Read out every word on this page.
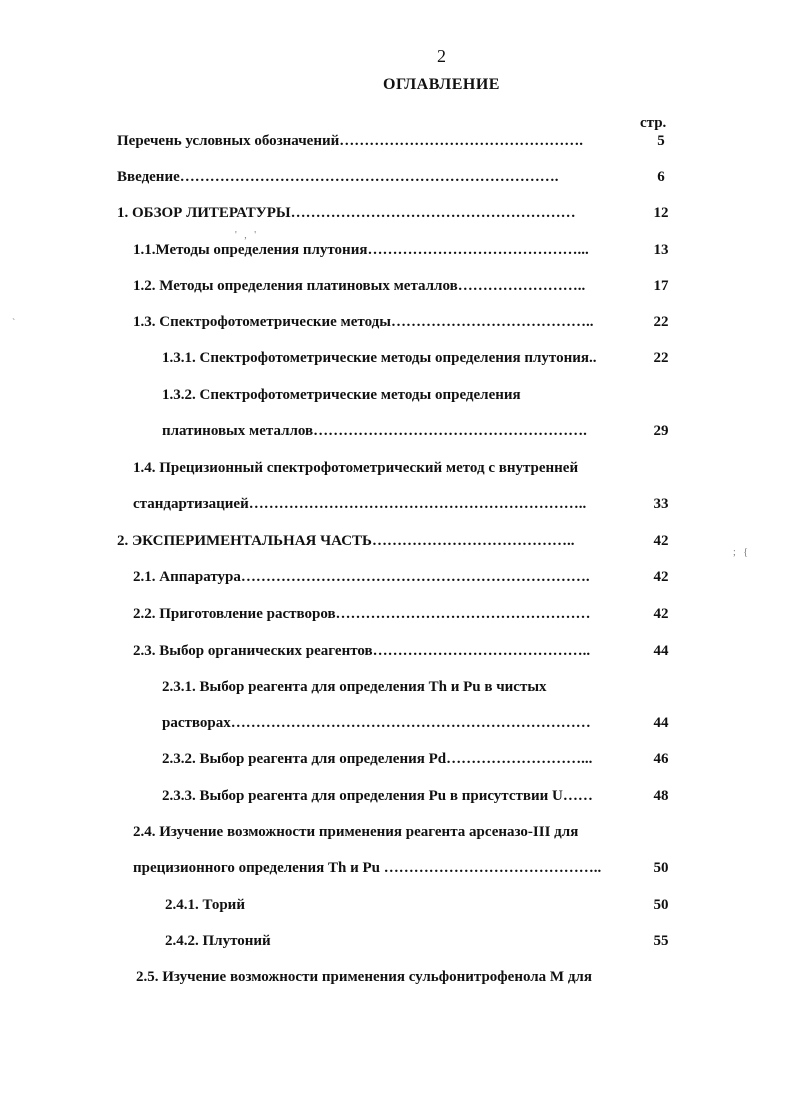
2
ОГЛАВЛЕНИЕ
стр.
Перечень условных обозначений………………………………………….	5
Введение………………………………………………………………….	6
1. ОБЗОР ЛИТЕРАТУРЫ…………………………………………………	12
1.1.Методы определения плутония……………………………………...	13
1.2. Методы определения платиновых металлов……………………..	17
1.3. Спектрофотометрические методы…………………………………..	22
1.3.1. Спектрофотометрические методы определения плутония..	22
1.3.2. Спектрофотометрические методы определения
платиновых металлов……………………………………………….	29
1.4. Прецизионный спектрофотометрический метод с внутренней
стандартизацией…………………………………………………………..	33
2. ЭКСПЕРИМЕНТАЛЬНАЯ ЧАСТЬ…………………………………..	42
2.1. Аппаратура…………………………………………………………….	42
2.2. Приготовление растворов……………………………………………	42
2.3. Выбор органических реагентов……………………………………..	44
2.3.1. Выбор реагента для определения Th и Pu в чистых
растворах………………………………………………………………	44
2.3.2. Выбор реагента для определения Pd………………………...	46
2.3.3. Выбор реагента для определения Pu в присутствии U……	48
2.4. Изучение возможности применения реагента арсеназо-III для
прецизионного определения Th и Pu ……………………………………..	50
2.4.1. Торий	50
2.4.2. Плутоний	55
2.5. Изучение возможности применения сульфонитрофенола М для
'   ,   '
`
;   {
